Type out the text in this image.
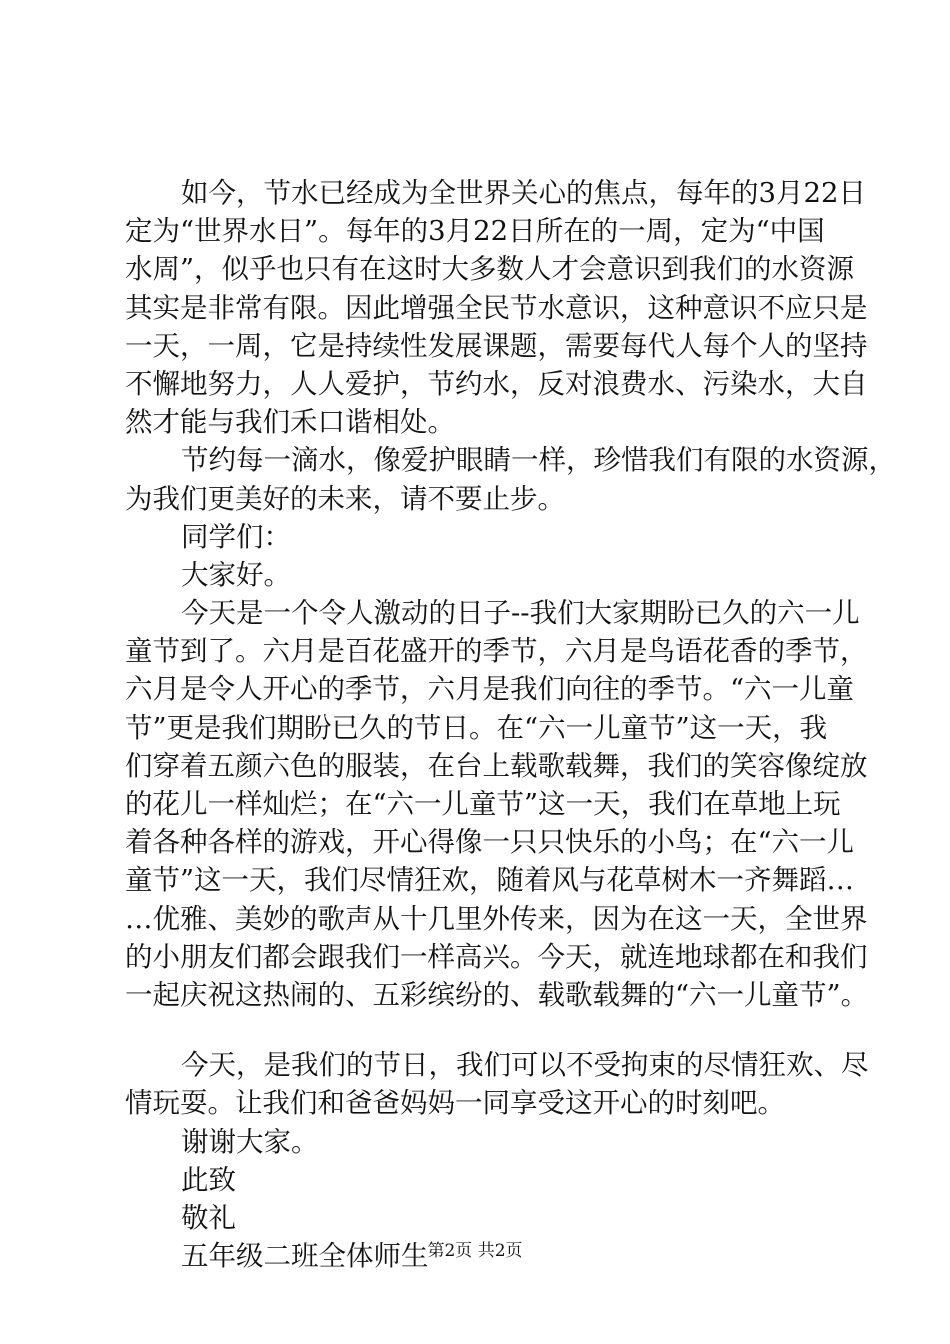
如今，节水已经成为全世界关心的焦点，每年的3月22日
定为“世界水日”。每年的3月22日所在的一周，定为“中国
水周”，似乎也只有在这时大多数人才会意识到我们的水资源
其实是非常有限。因此增强全民节水意识，这种意识不应只是
一天，一周，它是持续性发展课题，需要每代人每个人的坚持
不懈地努力，人人爱护，节约水，反对浪费水、污染水，大自
然才能与我们禾口谐相处。
节约每一滴水，像爱护眼睛一样，珍惜我们有限的水资源，
为我们更美好的未来，请不要止步。
同学们：
大家好。
今天是一个令人激动的日子--我们大家期盼已久的六一儿
童节到了。六月是百花盛开的季节，六月是鸟语花香的季节，
六月是令人开心的季节，六月是我们向往的季节。“六一儿童
节”更是我们期盼已久的节日。在“六一儿童节”这一天，我
们穿着五颜六色的服装，在台上载歌载舞，我们的笑容像绽放
的花儿一样灿烂；在“六一儿童节”这一天，我们在草地上玩
着各种各样的游戏，开心得像一只只快乐的小鸟；在“六一儿
童节”这一天，我们尽情狂欢，随着风与花草树木一齐舞蹈…
…优雅、美妙的歌声从十几里外传来，因为在这一天，全世界
的小朋友们都会跟我们一样高兴。今天，就连地球都在和我们
一起庆祝这热闹的、五彩缤纷的、载歌载舞的“六一儿童节”。
今天，是我们的节日，我们可以不受拘束的尽情狂欢、尽
情玩耍。让我们和爸爸妈妈一同享受这开心的时刻吧。
谢谢大家。
此致
敬礼
五年级二班全体师生
第2页 共2页
